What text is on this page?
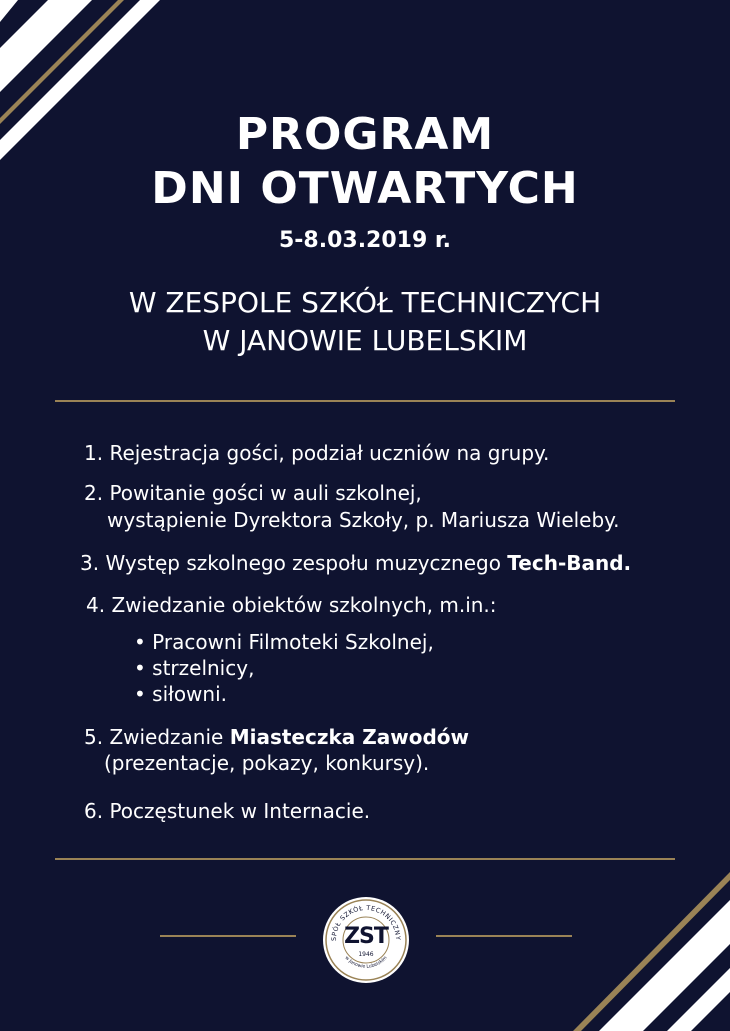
PROGRAM
DNI OTWARTYCH
5-8.03.2019 r.
W ZESPOLE SZKÓŁ TECHNICZYCH
W JANOWIE LUBELSKIM
1. Rejestracja gości, podział uczniów na grupy.
2. Powitanie gości w auli szkolnej,
wystąpienie Dyrektora Szkoły, p. Mariusza Wieleby.
3. Występ szkolnego zespołu muzycznego Tech-Band.
4. Zwiedzanie obiektów szkolnych, m.in.:
• Pracowni Filmoteki Szkolnej,
• strzelnicy,
• siłowni.
5. Zwiedzanie Miasteczka Zawodów
(prezentacje, pokazy, konkursy).
6. Poczęstunek w Internacie.
SPÓŁ SZKÓŁ TECHNICZNY
w Janowie Lubelskim
1946
ZST
